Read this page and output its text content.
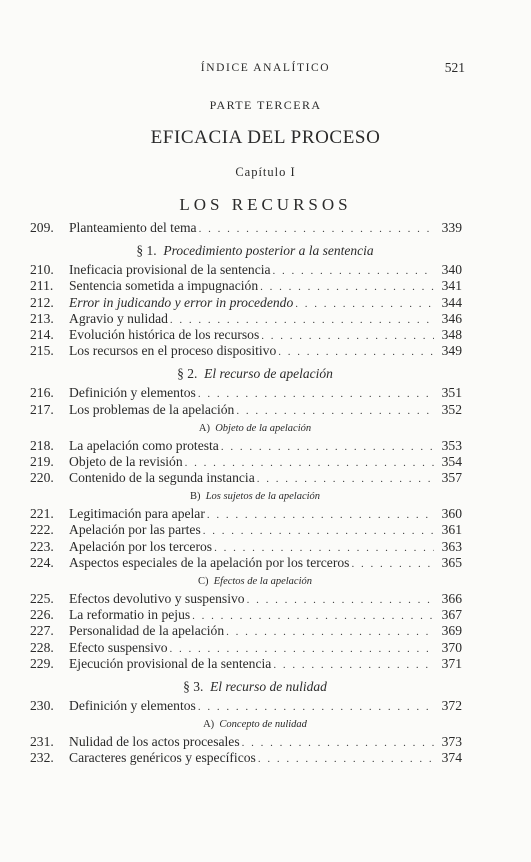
ÍNDICE ANALÍTICO	521
PARTE TERCERA
EFICACIA DEL PROCESO
Capítulo I
LOS RECURSOS
209.	Planteamiento del tema . . .	339
§ 1. Procedimiento posterior a la sentencia
210.	Ineficacia provisional de la sentencia . . .	340
211.	Sentencia sometida a impugnación . . .	341
212.	Error in judicando y error in procedendo . . .	344
213.	Agravio y nulidad . . .	346
214.	Evolución histórica de los recursos . . .	348
215.	Los recursos en el proceso dispositivo . . .	349
§ 2. El recurso de apelación
216.	Definición y elementos . . .	351
217.	Los problemas de la apelación . . .	352
A) Objeto de la apelación
218.	La apelación como protesta . . .	353
219.	Objeto de la revisión . . .	354
220.	Contenido de la segunda instancia . . .	357
B) Los sujetos de la apelación
221.	Legitimación para apelar . . .	360
222.	Apelación por las partes . . .	361
223.	Apelación por los terceros . . .	363
224.	Aspectos especiales de la apelación por los terceros . . .	365
C) Efectos de la apelación
225.	Efectos devolutivo y suspensivo . . .	366
226.	La reformatio in pejus . . .	367
227.	Personalidad de la apelación . . .	369
228.	Efecto suspensivo . . .	370
229.	Ejecución provisional de la sentencia . . .	371
§ 3. El recurso de nulidad
230.	Definición y elementos . . .	372
A) Concepto de nulidad
231.	Nulidad de los actos procesales . . .	373
232.	Caracteres genéricos y específicos . . .	374
